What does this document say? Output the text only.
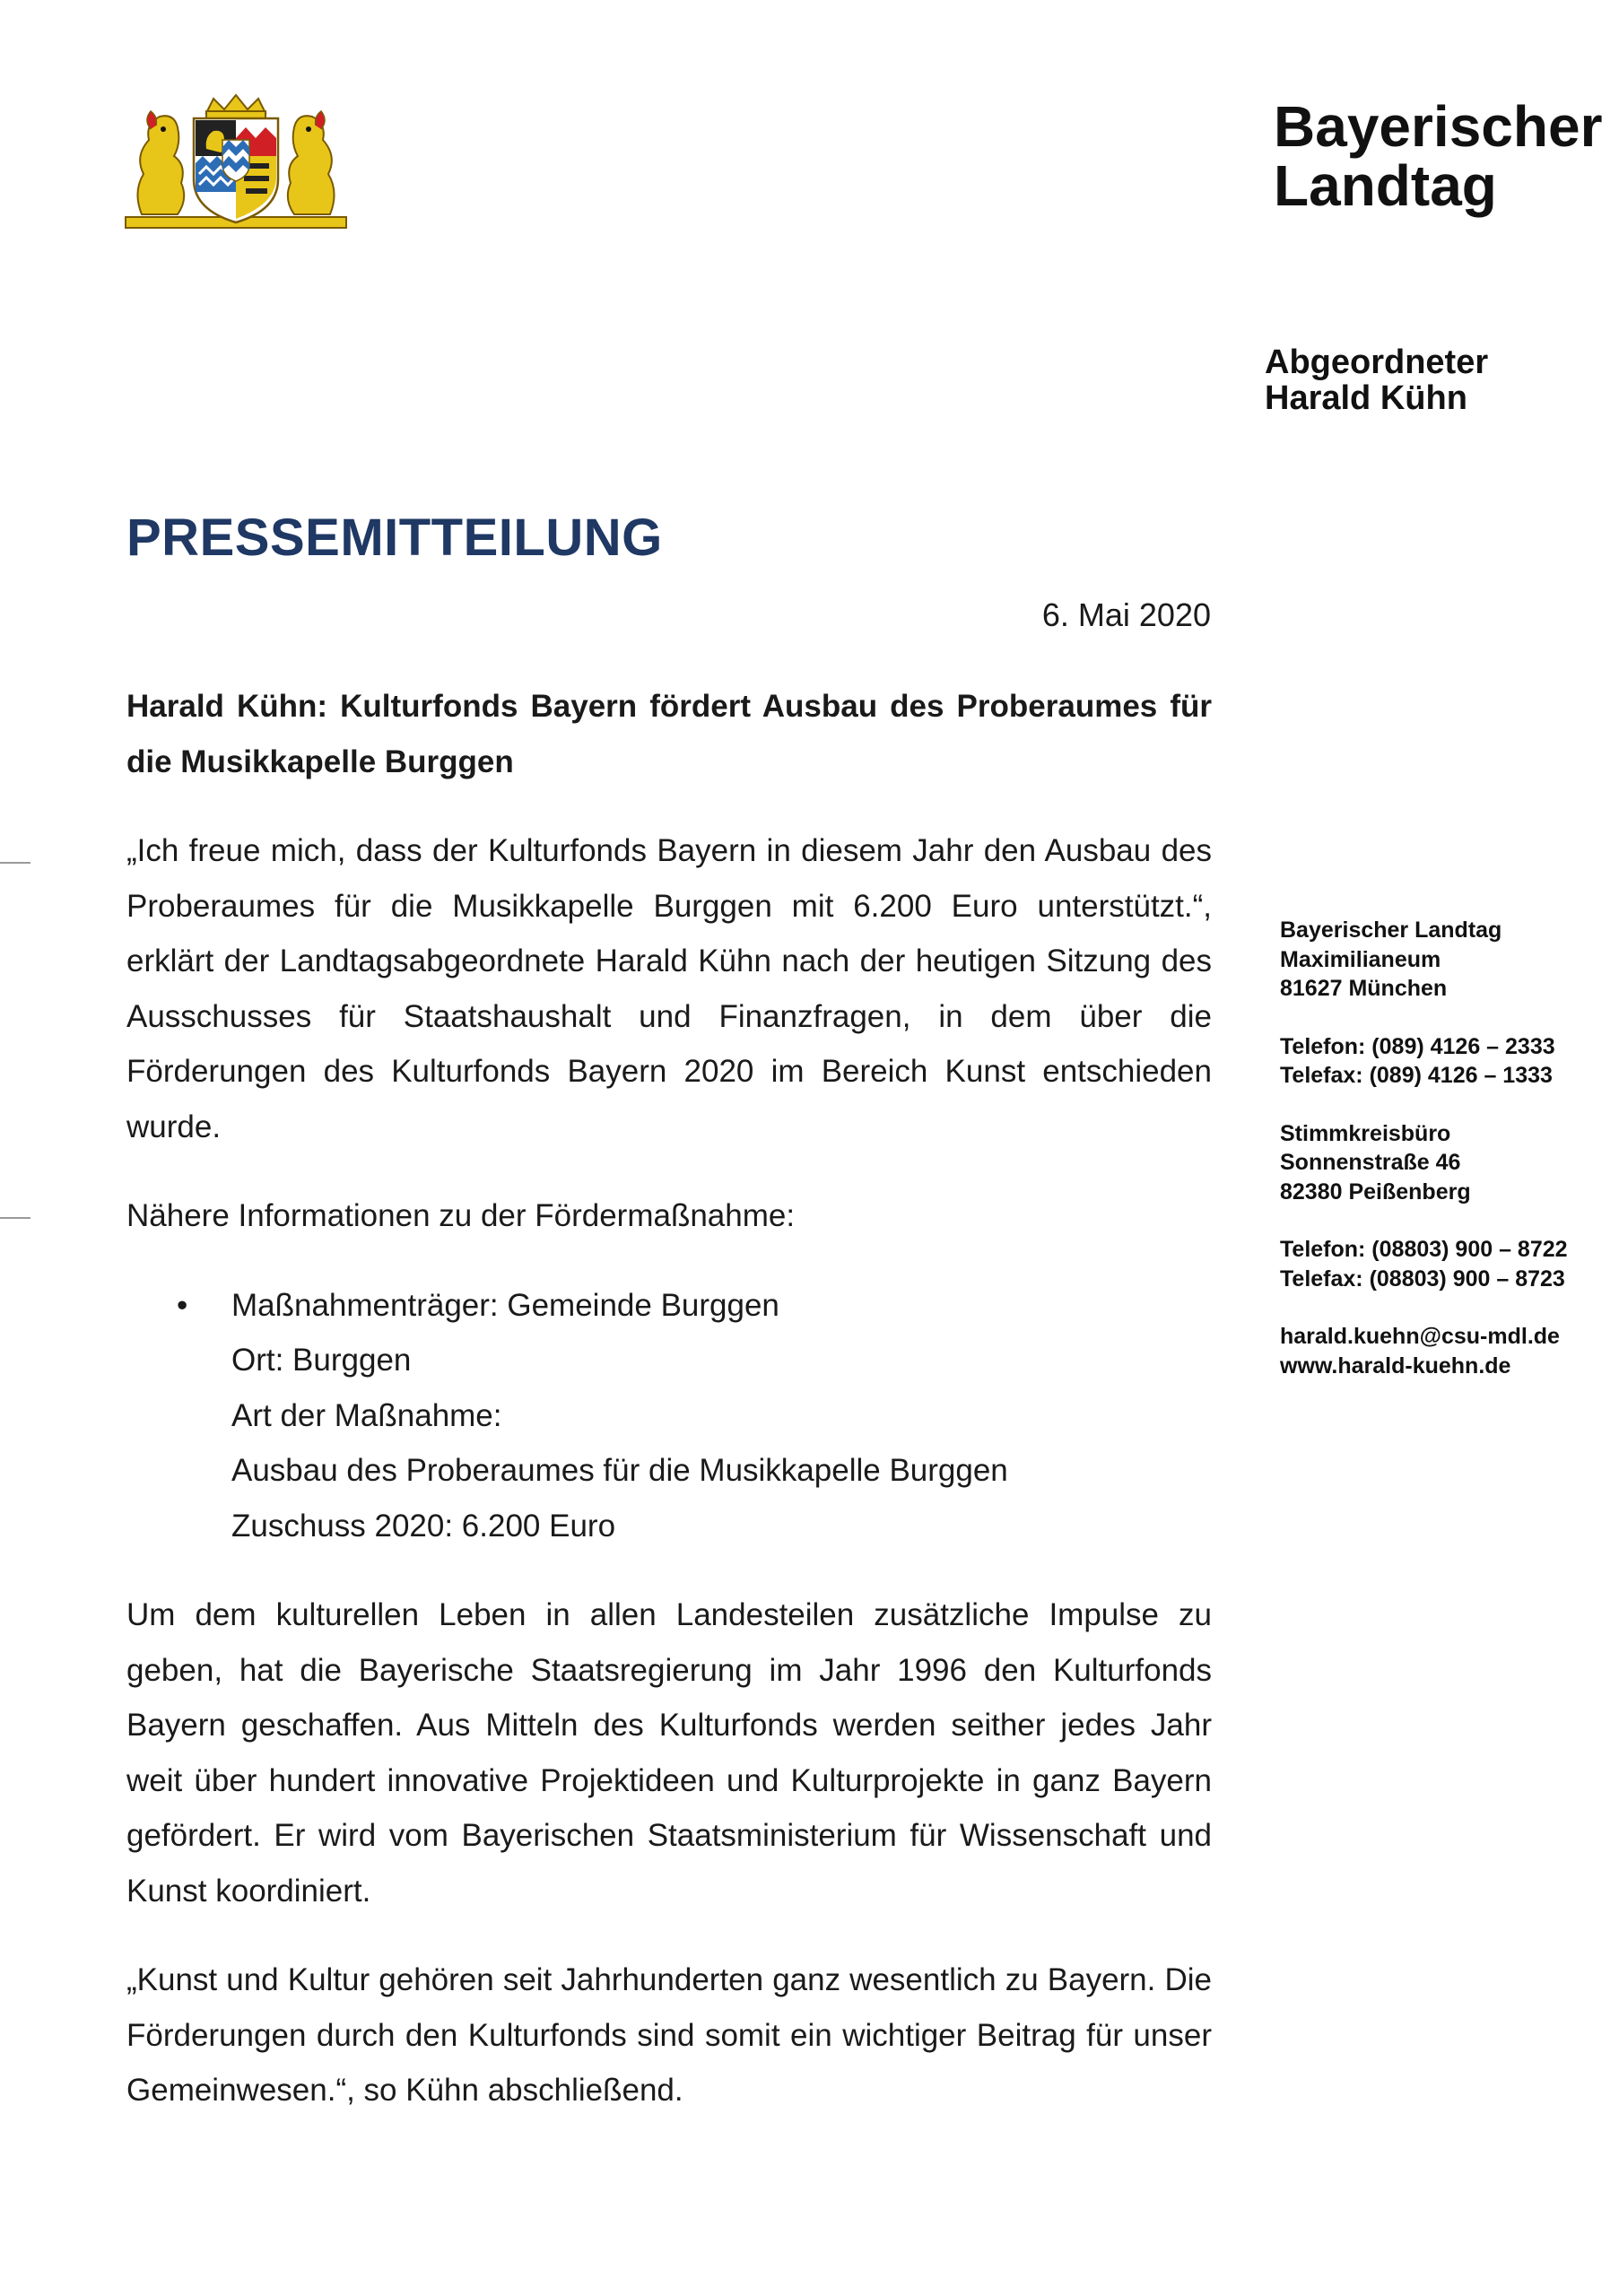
Bayerischer
Landtag
Abgeordneter
Harald Kühn
PRESSEMITTEILUNG
6. Mai 2020

Harald Kühn: Kulturfonds Bayern fördert Ausbau des Proberaumes für die Musikkapelle Burggen

„Ich freue mich, dass der Kulturfonds Bayern in diesem Jahr den Ausbau des Proberaumes für die Musikkapelle Burggen mit 6.200 Euro unterstützt.“, erklärt der Landtagsabgeordnete Harald Kühn nach der heutigen Sitzung des Ausschusses für Staatshaushalt und Finanzfragen, in dem über die Förderungen des Kulturfonds Bayern 2020 im Bereich Kunst entschieden wurde.

Nähere Informationen zu der Fördermaßnahme:

• Maßnahmenträger: Gemeinde Burggen
Ort: Burggen
Art der Maßnahme:
Ausbau des Proberaumes für die Musikkapelle Burggen
Zuschuss 2020: 6.200 Euro

Um dem kulturellen Leben in allen Landesteilen zusätzliche Impulse zu geben, hat die Bayerische Staatsregierung im Jahr 1996 den Kulturfonds Bayern geschaffen. Aus Mitteln des Kulturfonds werden seither jedes Jahr weit über hundert innovative Projektideen und Kulturprojekte in ganz Bayern gefördert. Er wird vom Bayerischen Staatsministerium für Wissenschaft und Kunst koordiniert.

„Kunst und Kultur gehören seit Jahrhunderten ganz wesentlich zu Bayern. Die Förderungen durch den Kulturfonds sind somit ein wichtiger Beitrag für unser Gemeinwesen.“, so Kühn abschließend.

Bayerischer Landtag
Maximilianeum
81627 München
Telefon: (089) 4126 – 2333
Telefax: (089) 4126 – 1333
Stimmkreisbüro
Sonnenstraße 46
82380 Peißenberg
Telefon: (08803) 900 – 8722
Telefax: (08803) 900 – 8723
harald.kuehn@csu-mdl.de
www.harald-kuehn.de
